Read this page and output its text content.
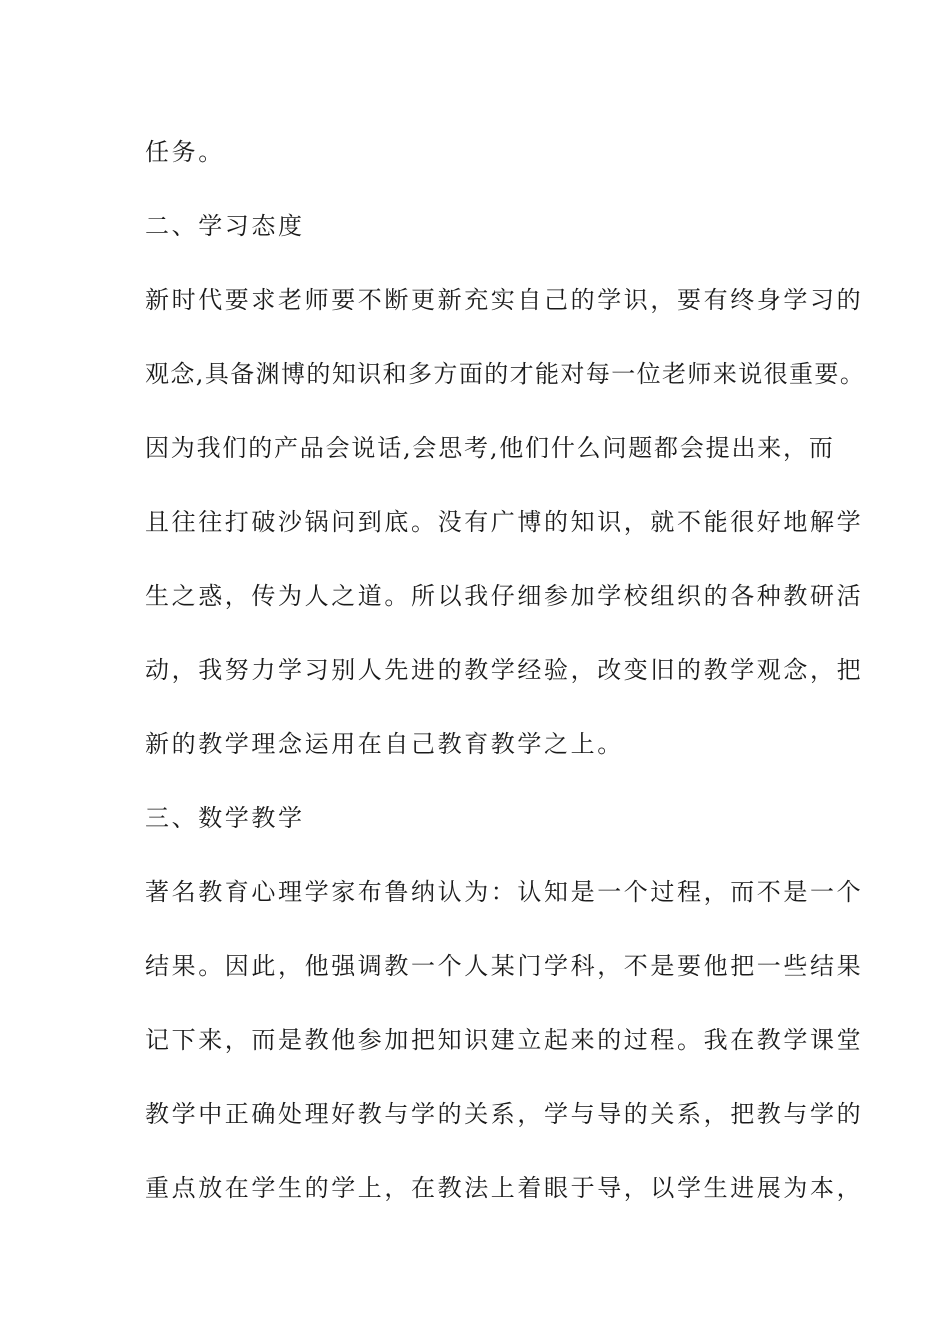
任务。

二、学习态度

新时代要求老师要不断更新充实自己的学识，要有终身学习的

观念,具备渊博的知识和多方面的才能对每一位老师来说很重要。

因为我们的产品会说话,会思考,他们什么问题都会提出来，而

且往往打破沙锅问到底。没有广博的知识，就不能很好地解学

生之惑，传为人之道。所以我仔细参加学校组织的各种教研活

动，我努力学习别人先进的教学经验，改变旧的教学观念，把

新的教学理念运用在自己教育教学之上。

三、数学教学

著名教育心理学家布鲁纳认为：认知是一个过程，而不是一个

结果。因此，他强调教一个人某门学科，不是要他把一些结果

记下来，而是教他参加把知识建立起来的过程。我在教学课堂

教学中正确处理好教与学的关系，学与导的关系，把教与学的

重点放在学生的学上，在教法上着眼于导，以学生进展为本，
